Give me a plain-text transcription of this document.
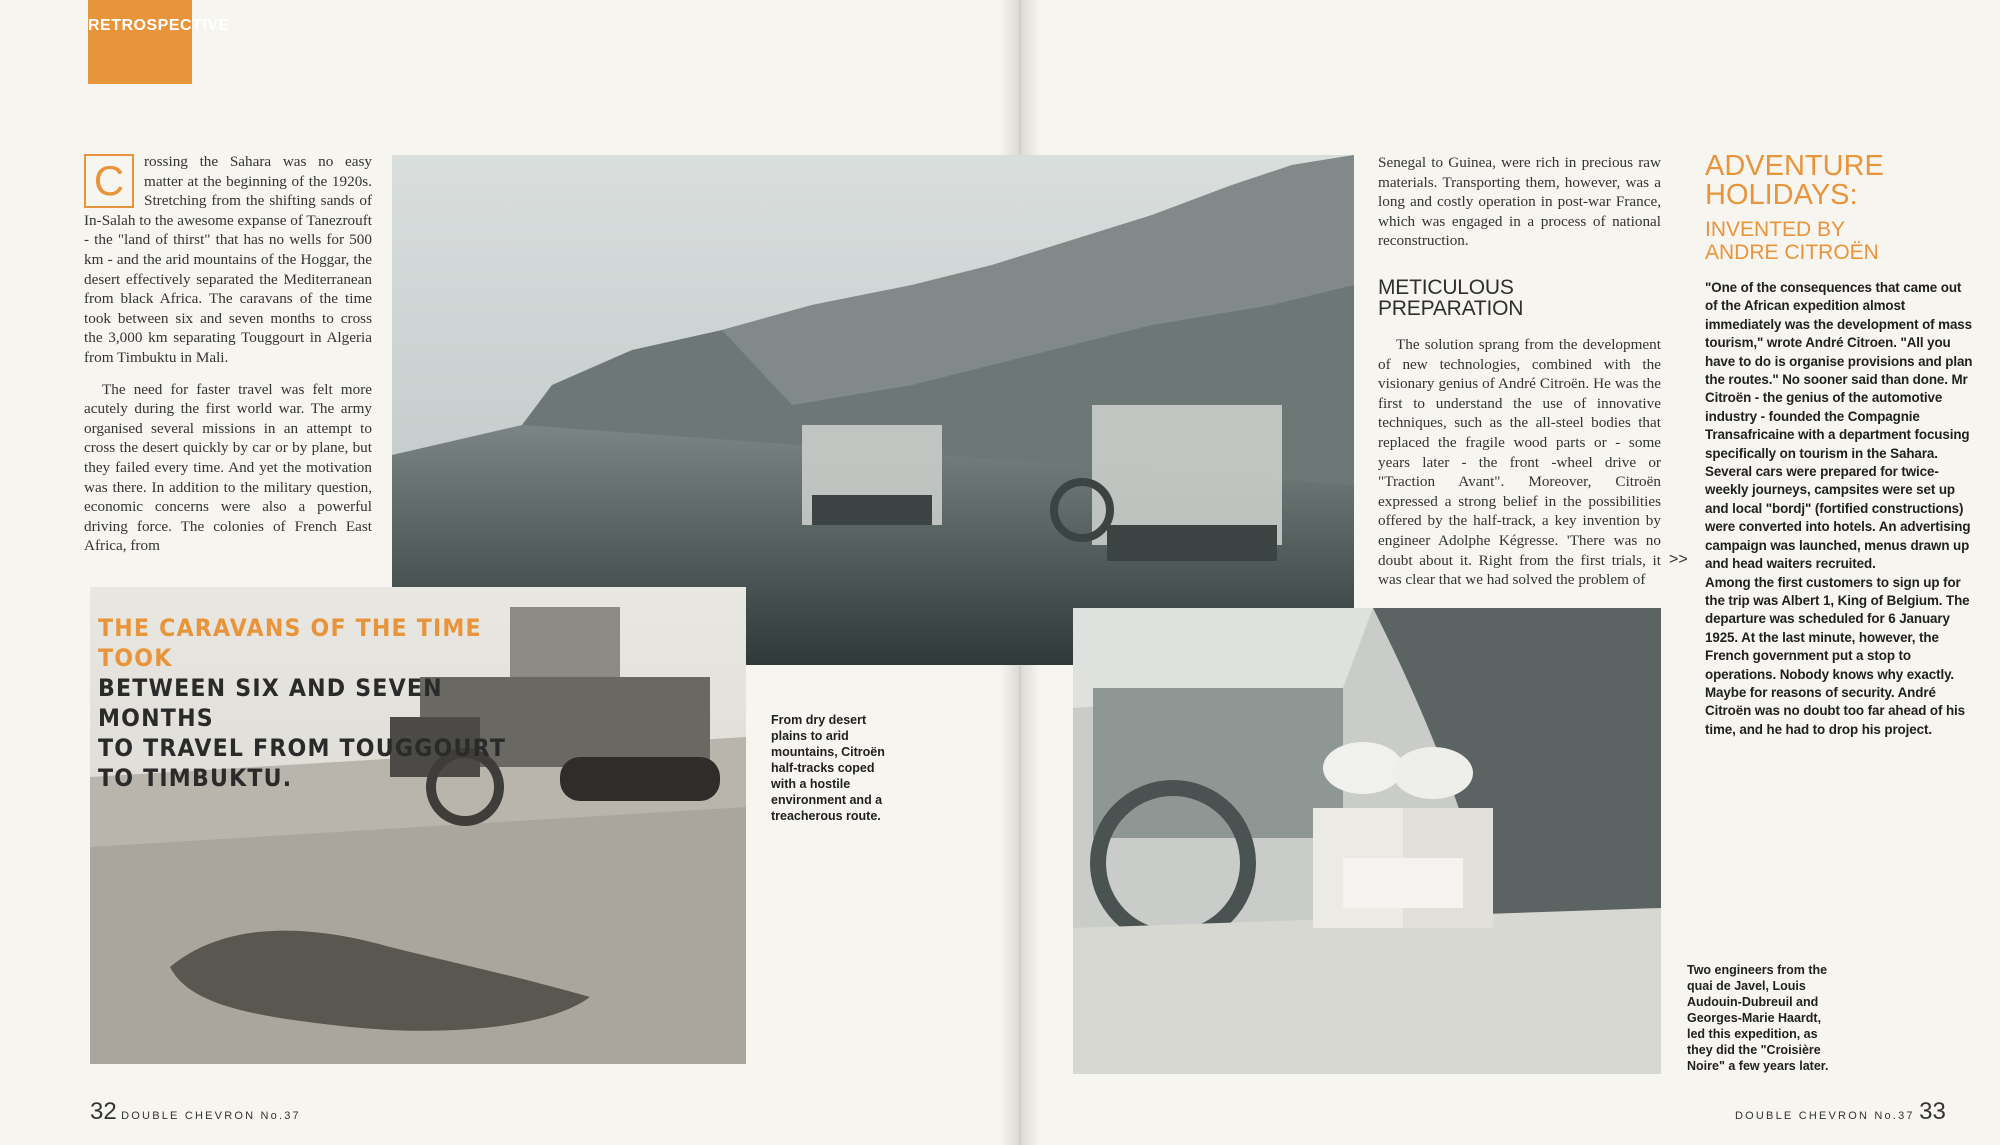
RETROSPECTIVE
C	rossing the Sahara was no easy matter at the beginning of the 1920s. Stretching from the shifting sands of In-Salah to the awesome expanse of Tanezrouft - the "land of thirst" that has no wells for 500 km - and the arid mountains of the Hoggar, the desert effectively separated the Mediterranean from black Africa. The caravans of the time took between six and seven months to cross the 3,000 km separating Touggourt in Algeria from Timbuktu in Mali.

The need for faster travel was felt more acutely during the first world war. The army organised several missions in an attempt to cross the desert quickly by car or by plane, but they failed every time. And yet the motivation was there. In addition to the military question, economic concerns were also a powerful driving force. The colonies of French East Africa, from

THE CARAVANS OF THE TIME TOOK
BETWEEN SIX AND SEVEN MONTHS
TO TRAVEL FROM TOUGGOURT
TO TIMBUKTU.
From dry desert plains to arid mountains, Citroën half-tracks coped with a hostile environment and a treacherous route.

Senegal to Guinea, were rich in precious raw materials. Transporting them, however, was a long and costly operation in post-war France, which was engaged in a process of national reconstruction.

METICULOUS
PREPARATION

The solution sprang from the development of new technologies, combined with the visionary genius of André Citroën. He was the first to understand the use of innovative techniques, such as the all-steel bodies that replaced the fragile wood parts or - some years later - the front -wheel drive or "Traction Avant". Moreover, Citroën expressed a strong belief in the possibilities offered by the half-track, a key invention by engineer Adolphe Kégresse. 'There was no doubt about it. Right from the first trials, it was clear that we had solved the problem of

>>
ADVENTURE
HOLIDAYS:
INVENTED BY
ANDRE CITROËN

"One of the consequences that came out of the African expedition almost immediately was the development of mass tourism," wrote André Citroen. "All you have to do is organise provisions and plan the routes." No sooner said than done. Mr Citroën - the genius of the automotive industry - founded the Compagnie Transafricaine with a department focusing specifically on tourism in the Sahara. Several cars were prepared for twice-weekly journeys, campsites were set up and local "bordj" (fortified constructions) were converted into hotels. An advertising campaign was launched, menus drawn up and head waiters recruited.

Among the first customers to sign up for the trip was Albert 1, King of Belgium. The departure was scheduled for 6 January 1925. At the last minute, however, the French government put a stop to operations. Nobody knows why exactly. Maybe for reasons of security. André Citroën was no doubt too far ahead of his time, and he had to drop his project.

Two engineers from the quai de Javel, Louis Audouin-Dubreuil and Georges-Marie Haardt, led this expedition, as they did the "Croisière Noire" a few years later.
32 DOUBLE CHEVRON No.37	DOUBLE CHEVRON No.37 33
